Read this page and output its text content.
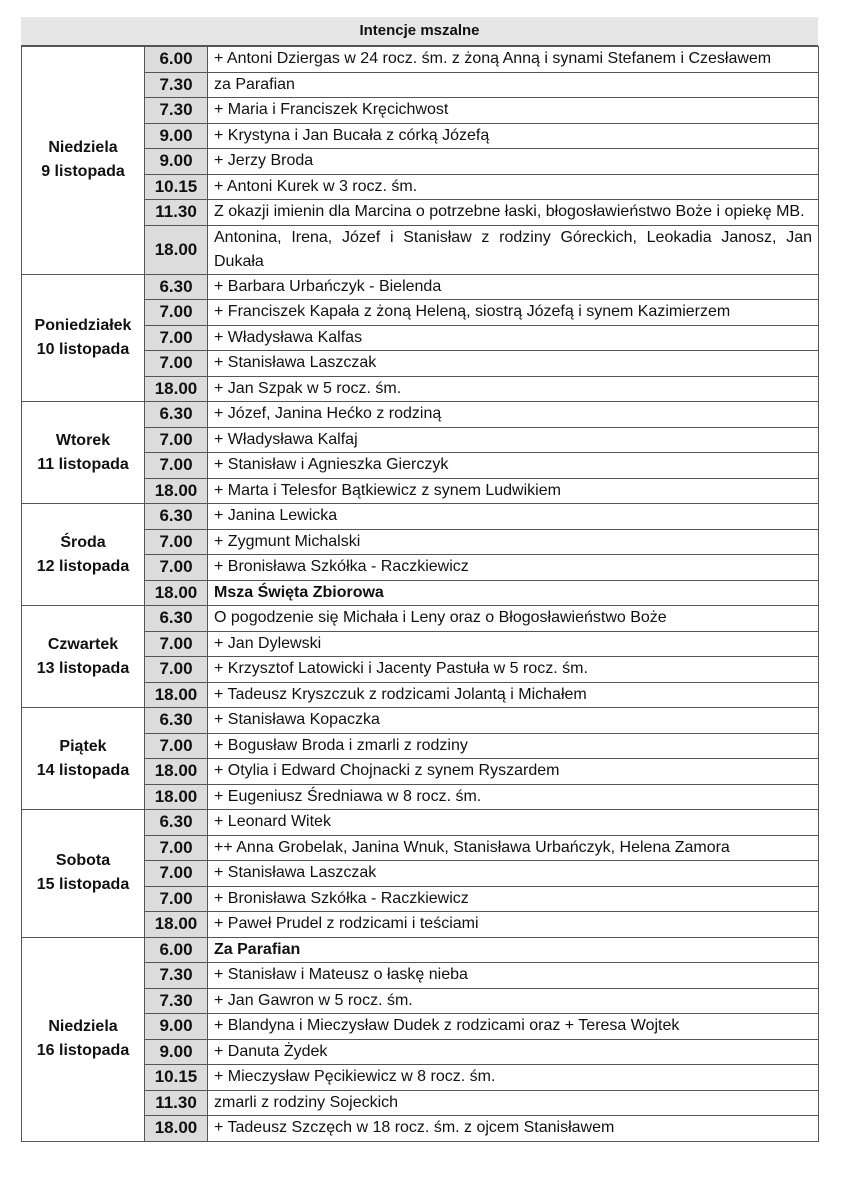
Intencje mszalne
Niedziela
9 listopada	6.00	+ Antoni Dziergas w 24 rocz. śm. z żoną Anną i synami Stefanem i Czesławem
	7.30	za Parafian
	7.30	+ Maria i Franciszek Kręcichwost
	9.00	+ Krystyna i Jan Bucała z córką Józefą
	9.00	+ Jerzy Broda
	10.15	+ Antoni Kurek w 3 rocz. śm.
	11.30	Z okazji imienin dla Marcina o potrzebne łaski, błogosławieństwo Boże i opiekę MB.
	18.00	Antonina, Irena, Józef i Stanisław z rodziny Góreckich, Leokadia Janosz, Jan Dukała

Poniedziałek
10 listopada	6.30	+ Barbara Urbańczyk - Bielenda
	7.00	+ Franciszek Kapała z żoną Heleną, siostrą Józefą i synem Kazimierzem
	7.00	+ Władysława Kalfas
	7.00	+ Stanisława Laszczak
	18.00	+ Jan Szpak w 5 rocz. śm.

Wtorek
11 listopada	6.30	+ Józef, Janina Hećko z rodziną
	7.00	+ Władysława Kalfaj
	7.00	+ Stanisław i Agnieszka Gierczyk
	18.00	+ Marta i Telesfor Bątkiewicz z synem Ludwikiem

Środa
12 listopada	6.30	+ Janina Lewicka
	7.00	+ Zygmunt Michalski
	7.00	+ Bronisława Szkółka - Raczkiewicz
	18.00	Msza Święta Zbiorowa

Czwartek
13 listopada	6.30	O pogodzenie się Michała i Leny oraz o Błogosławieństwo Boże
	7.00	+ Jan Dylewski
	7.00	+ Krzysztof Latowicki i Jacenty Pastuła w 5 rocz. śm.
	18.00	+ Tadeusz Kryszczuk z rodzicami Jolantą i Michałem

Piątek
14 listopada	6.30	+ Stanisława Kopaczka
	7.00	+ Bogusław Broda i zmarli z rodziny
	18.00	+ Otylia i Edward Chojnacki z synem Ryszardem
	18.00	+ Eugeniusz Średniawa w 8 rocz. śm.

Sobota
15 listopada	6.30	+ Leonard Witek
	7.00	++ Anna Grobelak, Janina Wnuk, Stanisława Urbańczyk, Helena Zamora
	7.00	+ Stanisława Laszczak
	7.00	+ Bronisława Szkółka - Raczkiewicz
	18.00	+ Paweł Prudel z rodzicami i teściami

Niedziela
16 listopada	6.00	Za Parafian
	7.30	+ Stanisław i Mateusz o łaskę nieba
	7.30	+ Jan Gawron w 5 rocz. śm.
	9.00	+ Blandyna i Mieczysław Dudek z rodzicami oraz + Teresa Wojtek
	9.00	+ Danuta Żydek
	10.15	+ Mieczysław Pęcikiewicz w 8 rocz. śm.
	11.30	zmarli z rodziny Sojeckich
	18.00	+ Tadeusz Szczęch w 18 rocz. śm. z ojcem Stanisławem
